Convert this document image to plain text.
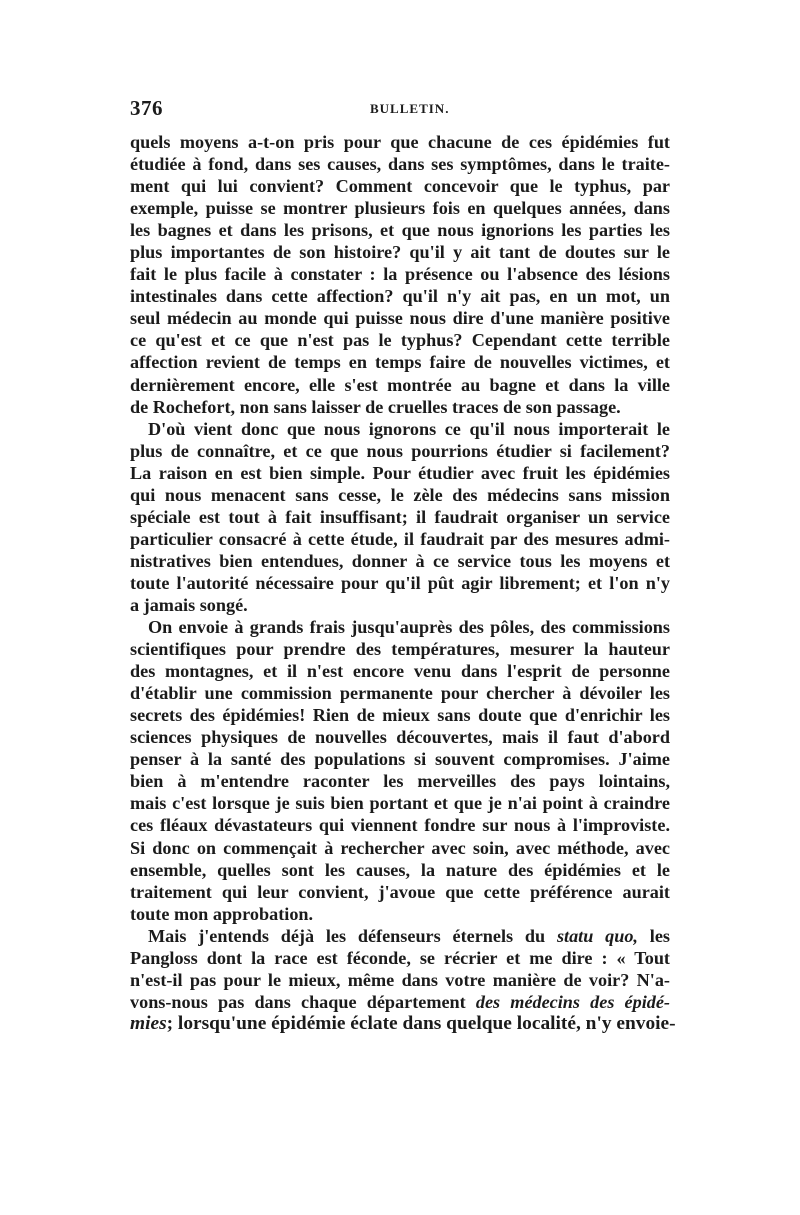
376	BULLETIN.
quels moyens a-t-on pris pour que chacune de ces épidémies fut
étudiée à fond, dans ses causes, dans ses symptômes, dans le traite-
ment qui lui convient? Comment concevoir que le typhus, par
exemple, puisse se montrer plusieurs fois en quelques années, dans
les bagnes et dans les prisons, et que nous ignorions les parties les
plus importantes de son histoire? qu'il y ait tant de doutes sur le
fait le plus facile à constater : la présence ou l'absence des lésions
intestinales dans cette affection? qu'il n'y ait pas, en un mot, un
seul médecin au monde qui puisse nous dire d'une manière positive
ce qu'est et ce que n'est pas le typhus? Cependant cette terrible
affection revient de temps en temps faire de nouvelles victimes, et
dernièrement encore, elle s'est montrée au bagne et dans la ville
de Rochefort, non sans laisser de cruelles traces de son passage.
D'où vient donc que nous ignorons ce qu'il nous importerait le
plus de connaître, et ce que nous pourrions étudier si facilement?
La raison en est bien simple. Pour étudier avec fruit les épidémies
qui nous menacent sans cesse, le zèle des médecins sans mission
spéciale est tout à fait insuffisant; il faudrait organiser un service
particulier consacré à cette étude, il faudrait par des mesures admi-
nistratives bien entendues, donner à ce service tous les moyens et
toute l'autorité nécessaire pour qu'il pût agir librement; et l'on n'y
a jamais songé.
On envoie à grands frais jusqu'auprès des pôles, des commissions
scientifiques pour prendre des températures, mesurer la hauteur
des montagnes, et il n'est encore venu dans l'esprit de personne
d'établir une commission permanente pour chercher à dévoiler les
secrets des épidémies! Rien de mieux sans doute que d'enrichir les
sciences physiques de nouvelles découvertes, mais il faut d'abord
penser à la santé des populations si souvent compromises. J'aime
bien à m'entendre raconter les merveilles des pays lointains,
mais c'est lorsque je suis bien portant et que je n'ai point à craindre
ces fléaux dévastateurs qui viennent fondre sur nous à l'improviste.
Si donc on commençait à rechercher avec soin, avec méthode, avec
ensemble, quelles sont les causes, la nature des épidémies et le
traitement qui leur convient, j'avoue que cette préférence aurait
toute mon approbation.
Mais j'entends déjà les défenseurs éternels du statu quo, les
Pangloss dont la race est féconde, se récrier et me dire : « Tout
n'est-il pas pour le mieux, même dans votre manière de voir? N'a-
vons-nous pas dans chaque département des médecins des épidé-
mies; lorsqu'une épidémie éclate dans quelque localité, n'y envoie-
